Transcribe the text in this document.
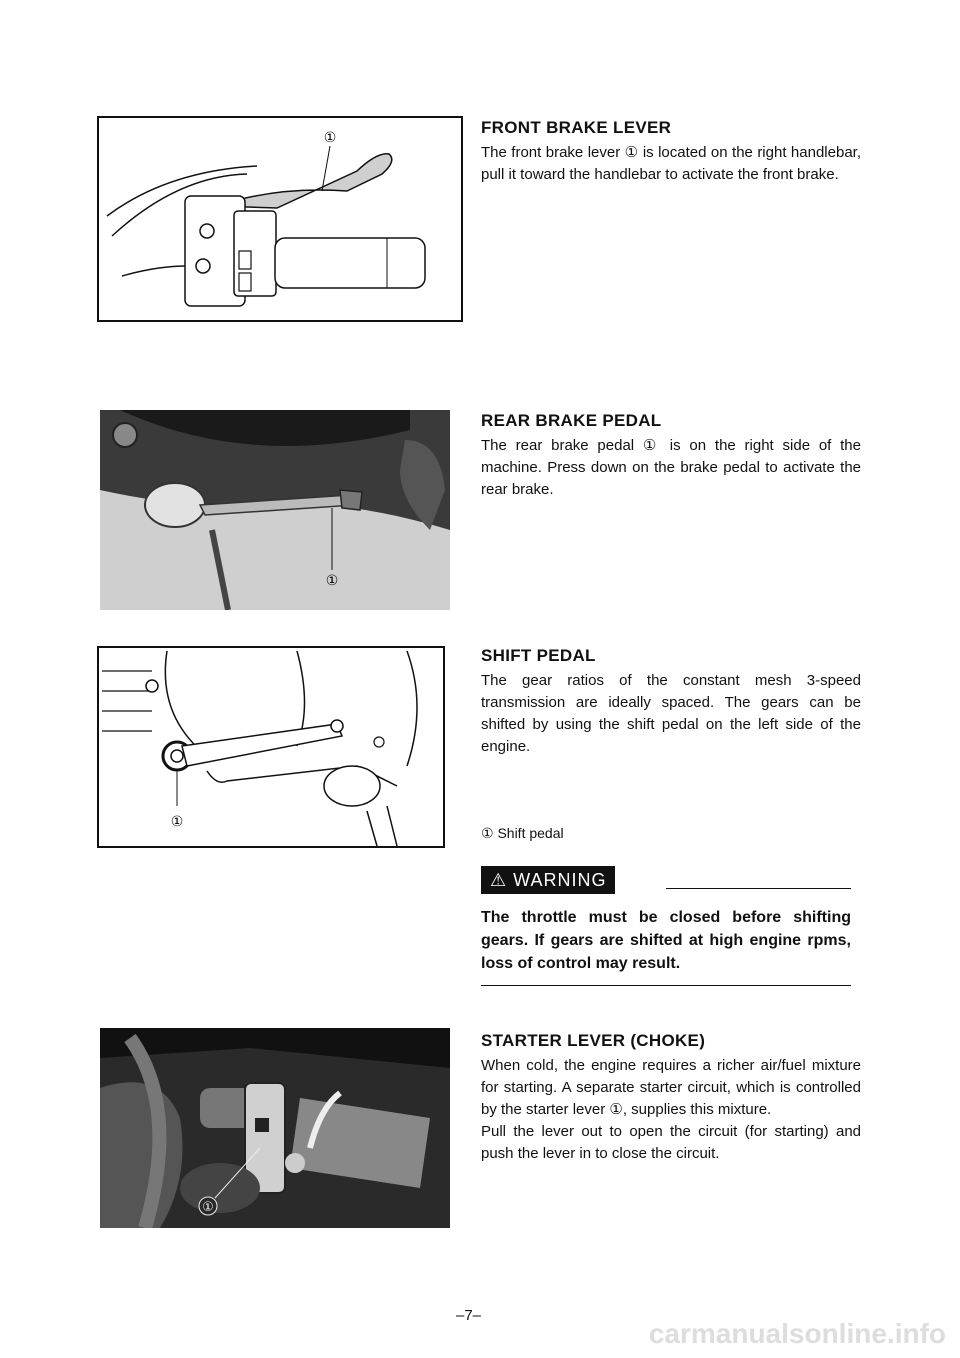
①
FRONT BRAKE LEVER

The front brake lever ① is located on the right handlebar, pull it toward the handlebar to activate the front brake.

①
REAR BRAKE PEDAL

The rear brake pedal ① is on the right side of the machine. Press down on the brake pedal to activate the rear brake.

①
SHIFT PEDAL

The gear ratios of the constant mesh 3-speed transmission are ideally spaced. The gears can be shifted by using the shift pedal on the left side of the engine.

① Shift pedal
⚠ WARNING
The throttle must be closed before shifting gears. If gears are shifted at high engine rpms, loss of control may result.
①
STARTER LEVER (CHOKE)

When cold, the engine requires a richer air/fuel mixture for starting. A separate starter circuit, which is controlled by the starter lever ①, supplies this mixture.

Pull the lever out to open the circuit (for starting) and push the lever in to close the circuit.

–7–
carmanualsonline.info
